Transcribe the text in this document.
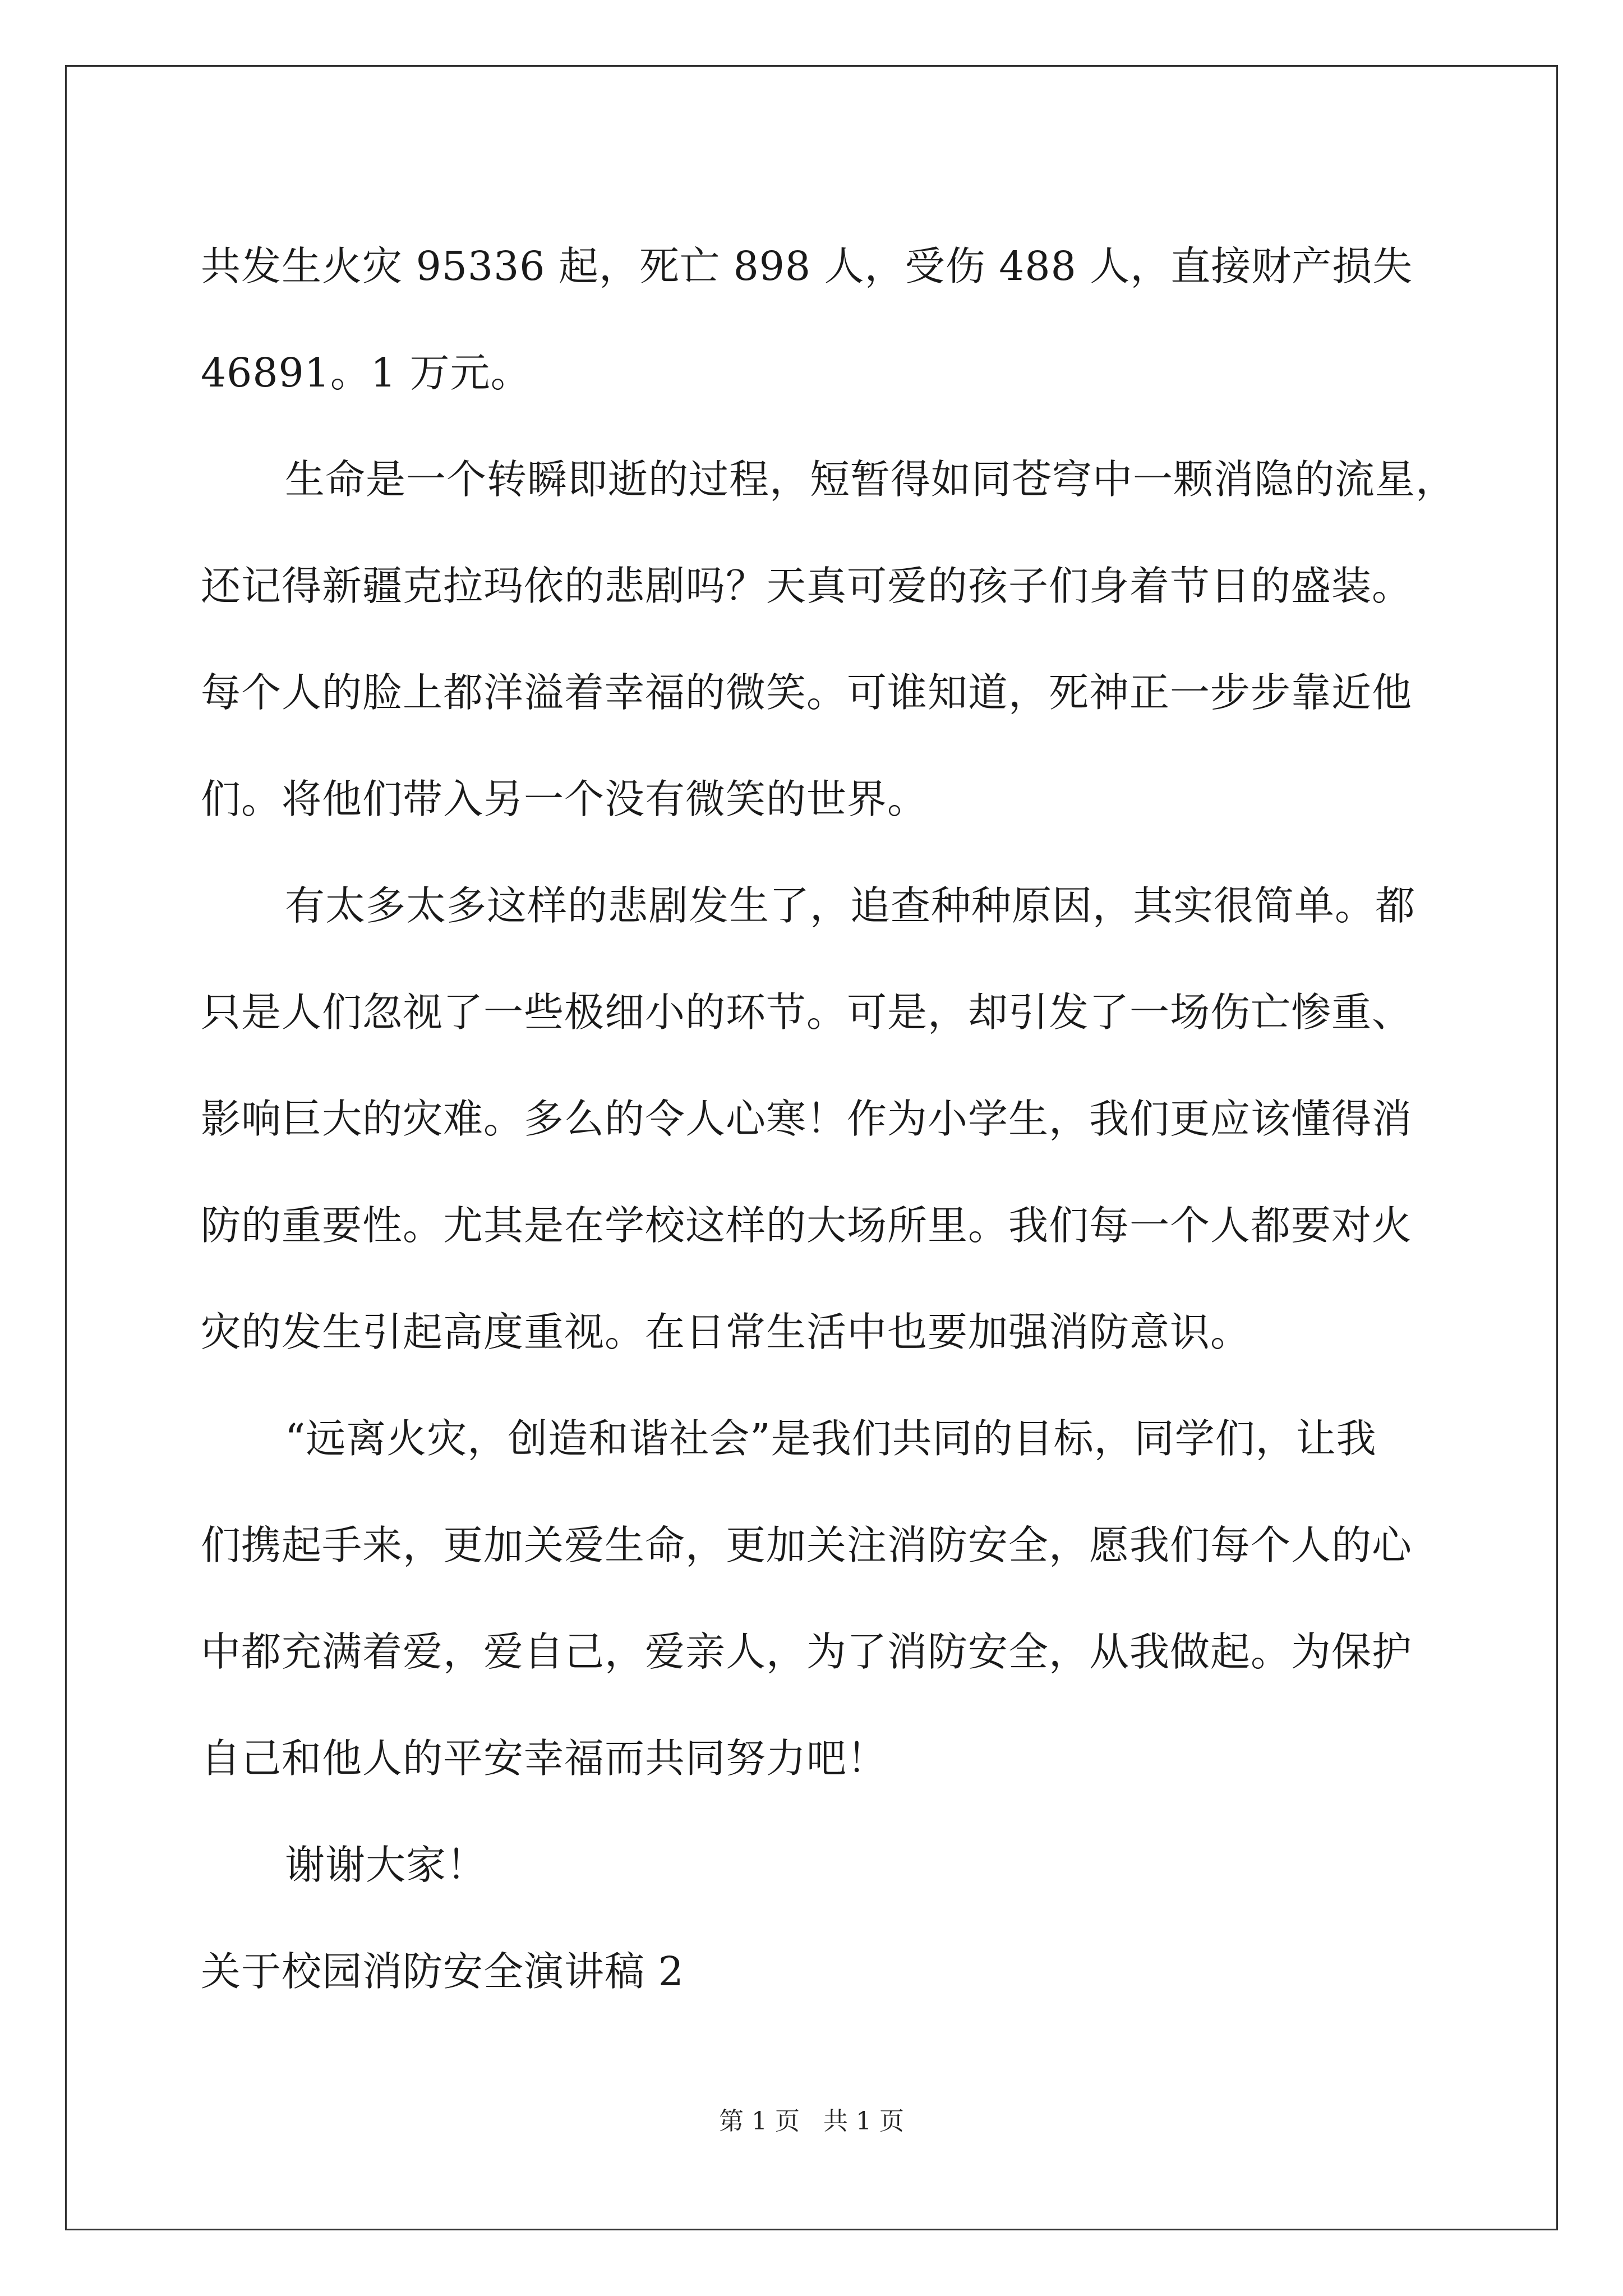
共发生火灾 95336 起，死亡 898 人，受伤 488 人，直接财产损失
46891。1 万元。
生命是一个转瞬即逝的过程，短暂得如同苍穹中一颗消隐的流星，
还记得新疆克拉玛依的悲剧吗？天真可爱的孩子们身着节日的盛装。
每个人的脸上都洋溢着幸福的微笑。可谁知道，死神正一步步靠近他
们。将他们带入另一个没有微笑的世界。
有太多太多这样的悲剧发生了，追查种种原因，其实很简单。都
只是人们忽视了一些极细小的环节。可是，却引发了一场伤亡惨重、
影响巨大的灾难。多么的令人心寒！作为小学生，我们更应该懂得消
防的重要性。尤其是在学校这样的大场所里。我们每一个人都要对火
灾的发生引起高度重视。在日常生活中也要加强消防意识。
“远离火灾，创造和谐社会”是我们共同的目标，同学们，让我
们携起手来，更加关爱生命，更加关注消防安全，愿我们每个人的心
中都充满着爱，爱自己，爱亲人，为了消防安全，从我做起。为保护
自己和他人的平安幸福而共同努力吧！
谢谢大家！
关于校园消防安全演讲稿 2
第 1 页 共 1 页
